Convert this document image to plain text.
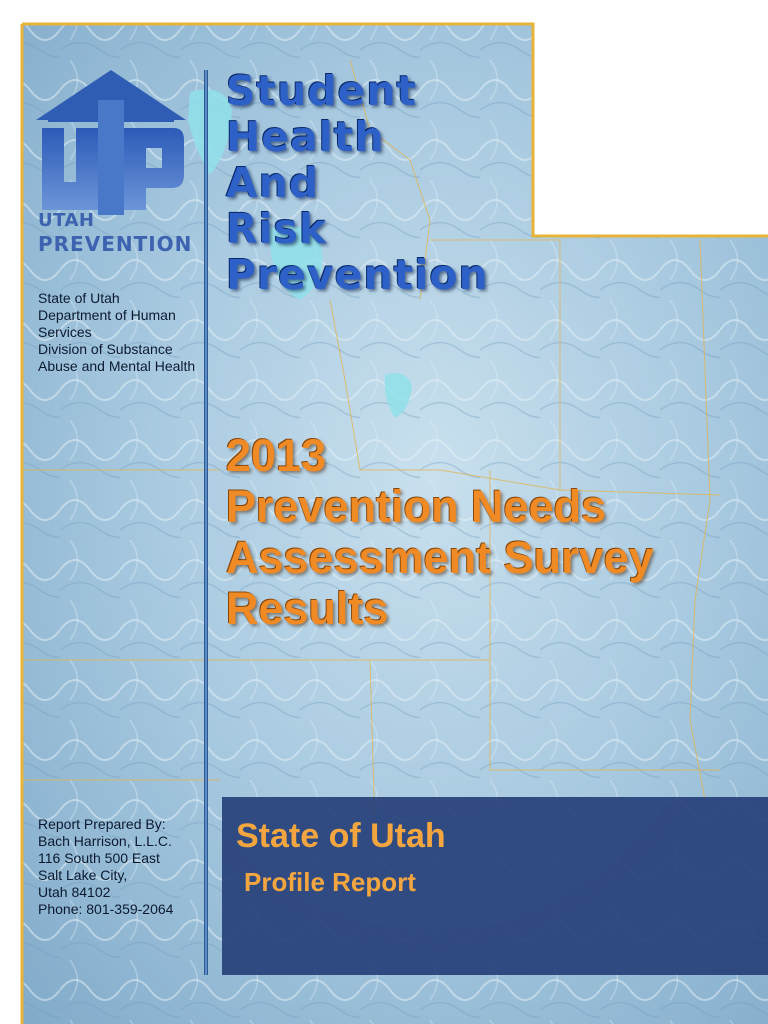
UTAH
PREVENTION
State of Utah
Department of Human
Services
Division of Substance
Abuse and Mental Health
Student
Health
And
Risk
Prevention
2013
Prevention Needs
Assessment Survey
Results
Report Prepared By:
Bach Harrison, L.L.C.
116 South 500 East
Salt Lake City,
Utah 84102
Phone: 801-359-2064
State of Utah
Profile Report
